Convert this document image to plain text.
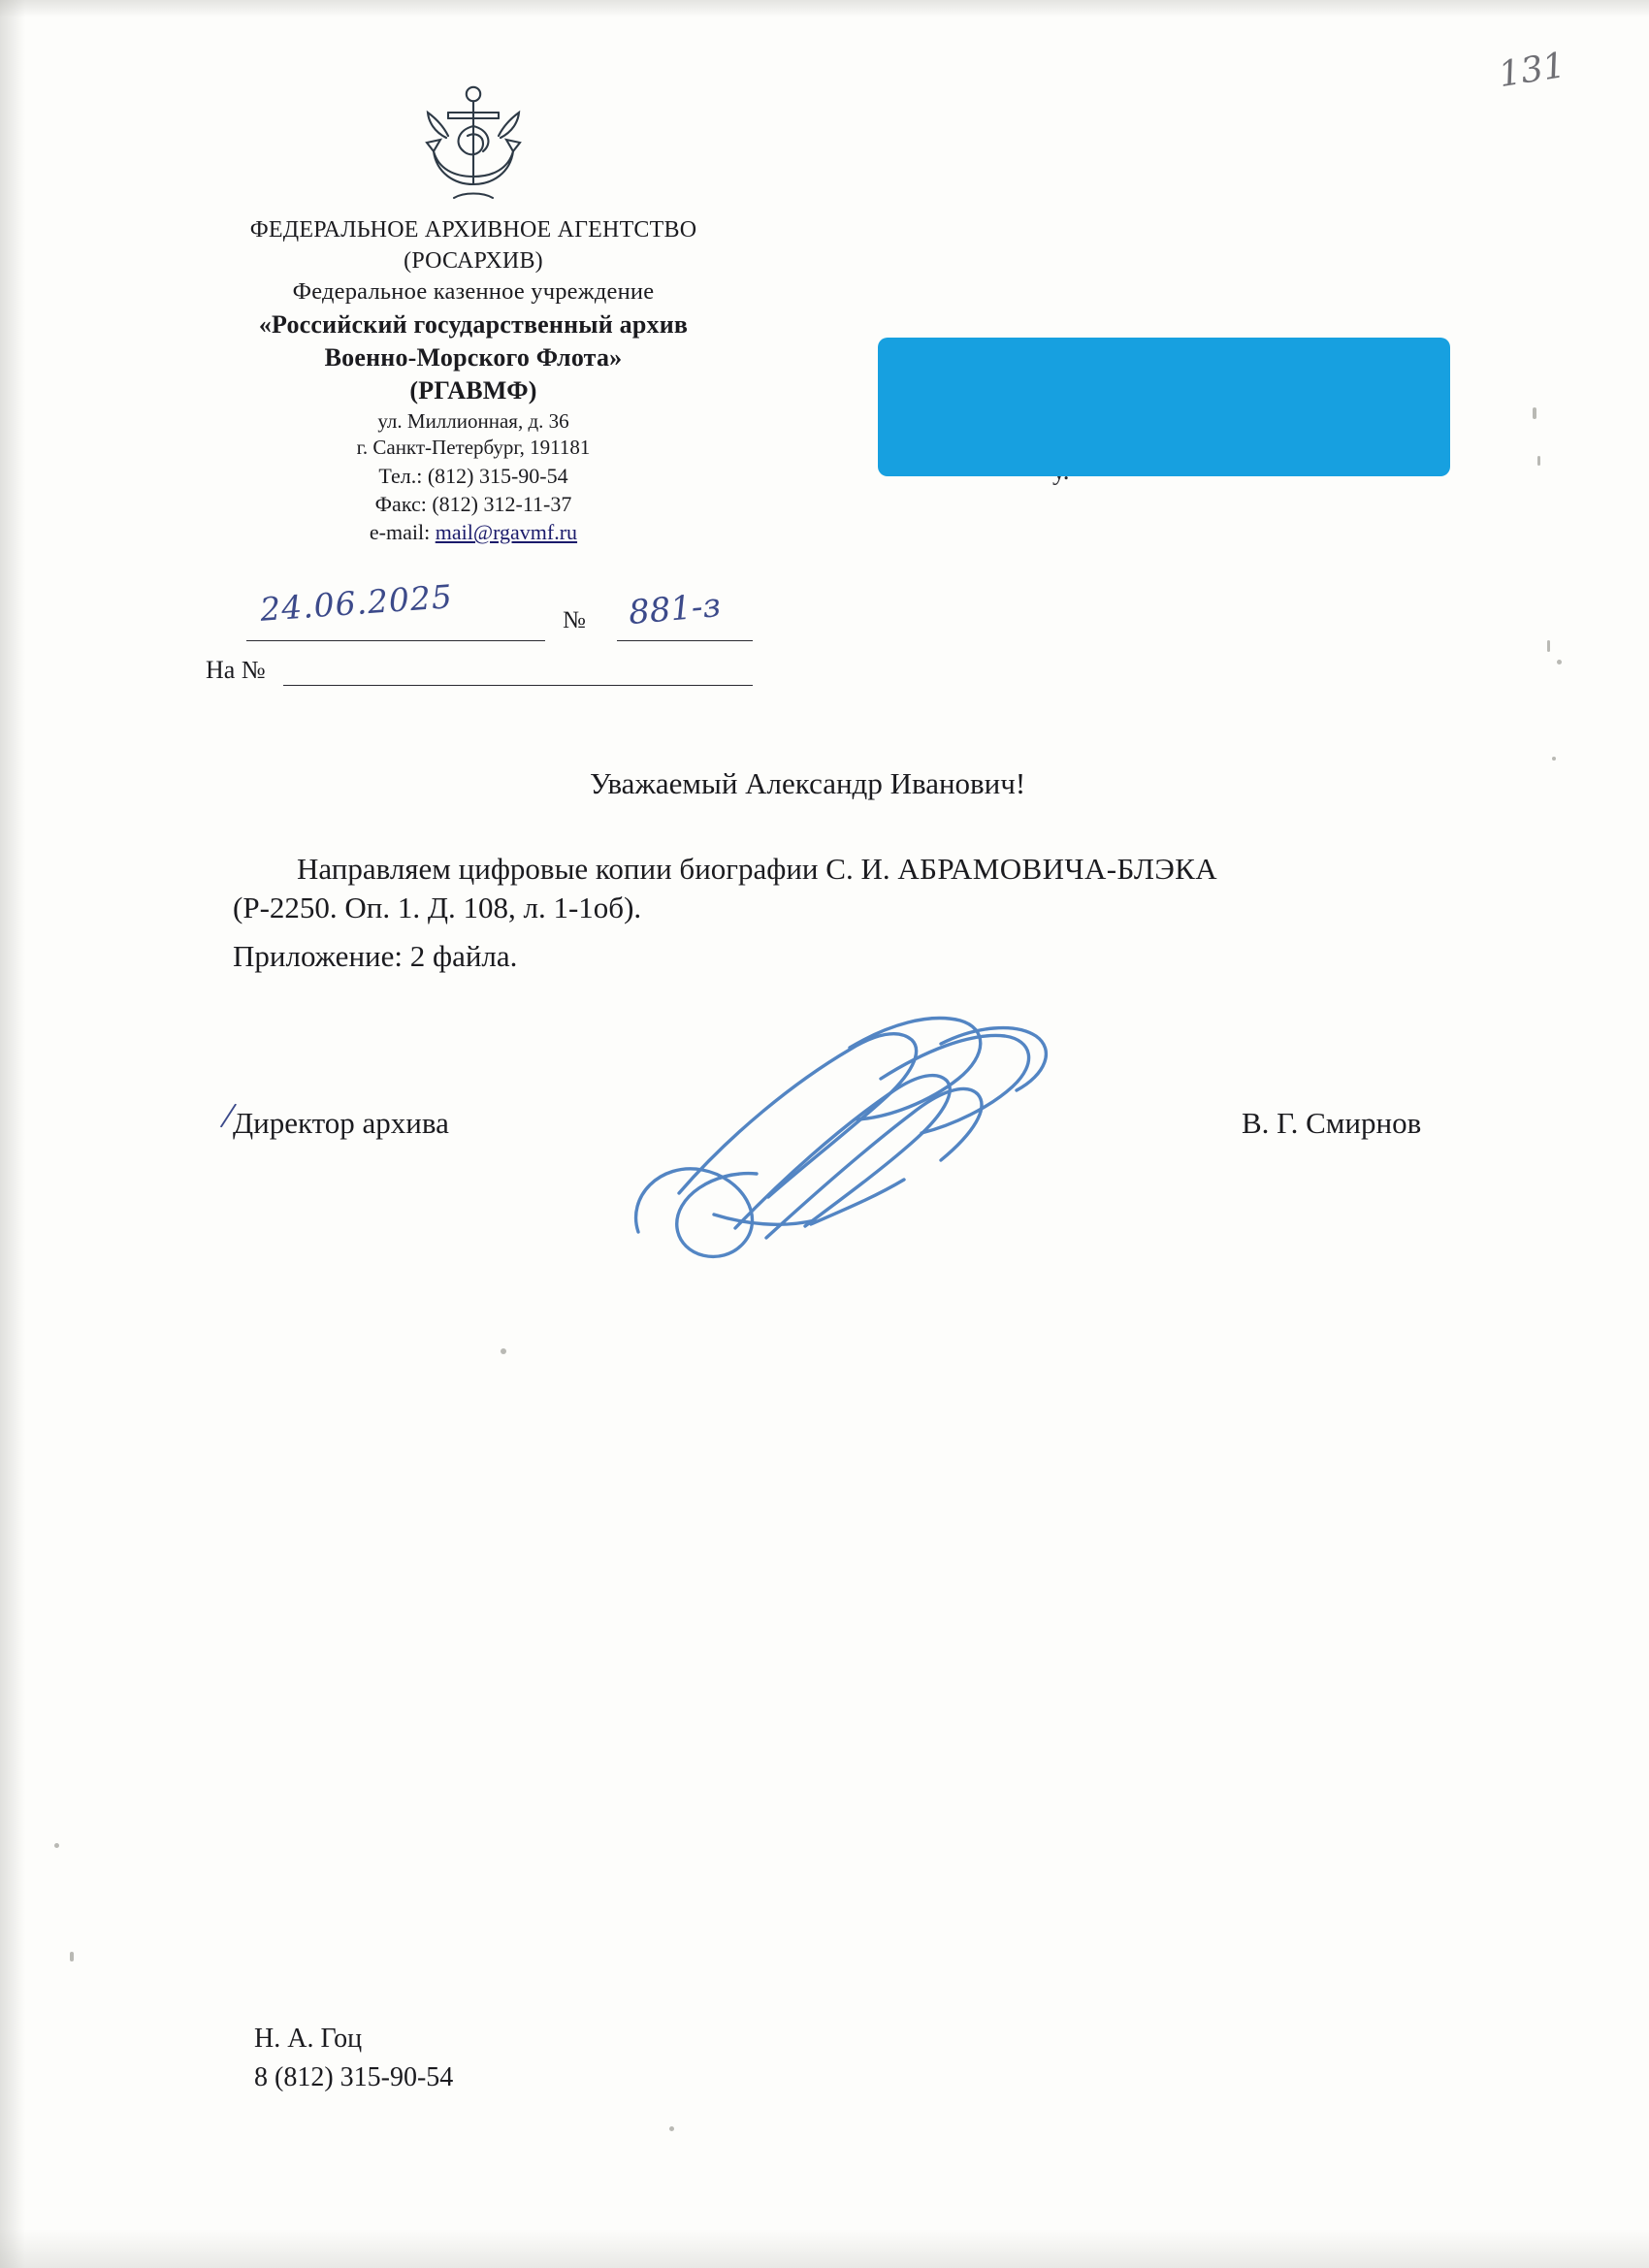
131
ФЕДЕРАЛЬНОЕ АРХИВНОЕ АГЕНТСТВО
(РОСАРХИВ)
Федеральное казенное учреждение
«Российский государственный архив
Военно-Морского Флота»
(РГАВМФ)
ул. Миллионная, д. 36
г. Санкт-Петербург, 191181
Тел.: (812) 315-90-54
Факс: (812) 312-11-37
e-mail: mail@rgavmf.ru
24.06.2025	№ 881-з
На №
Уважаемый Александр Иванович!
Направляем цифровые копии биографии С. И. АБРАМОВИЧА-БЛЭКА
(Р-2250. Оп. 1. Д. 108, л. 1-1об).
Приложение: 2 файла.
/
Директор архива	В. Г. Смирнов
Н. А. Гоц
8 (812) 315-90-54
